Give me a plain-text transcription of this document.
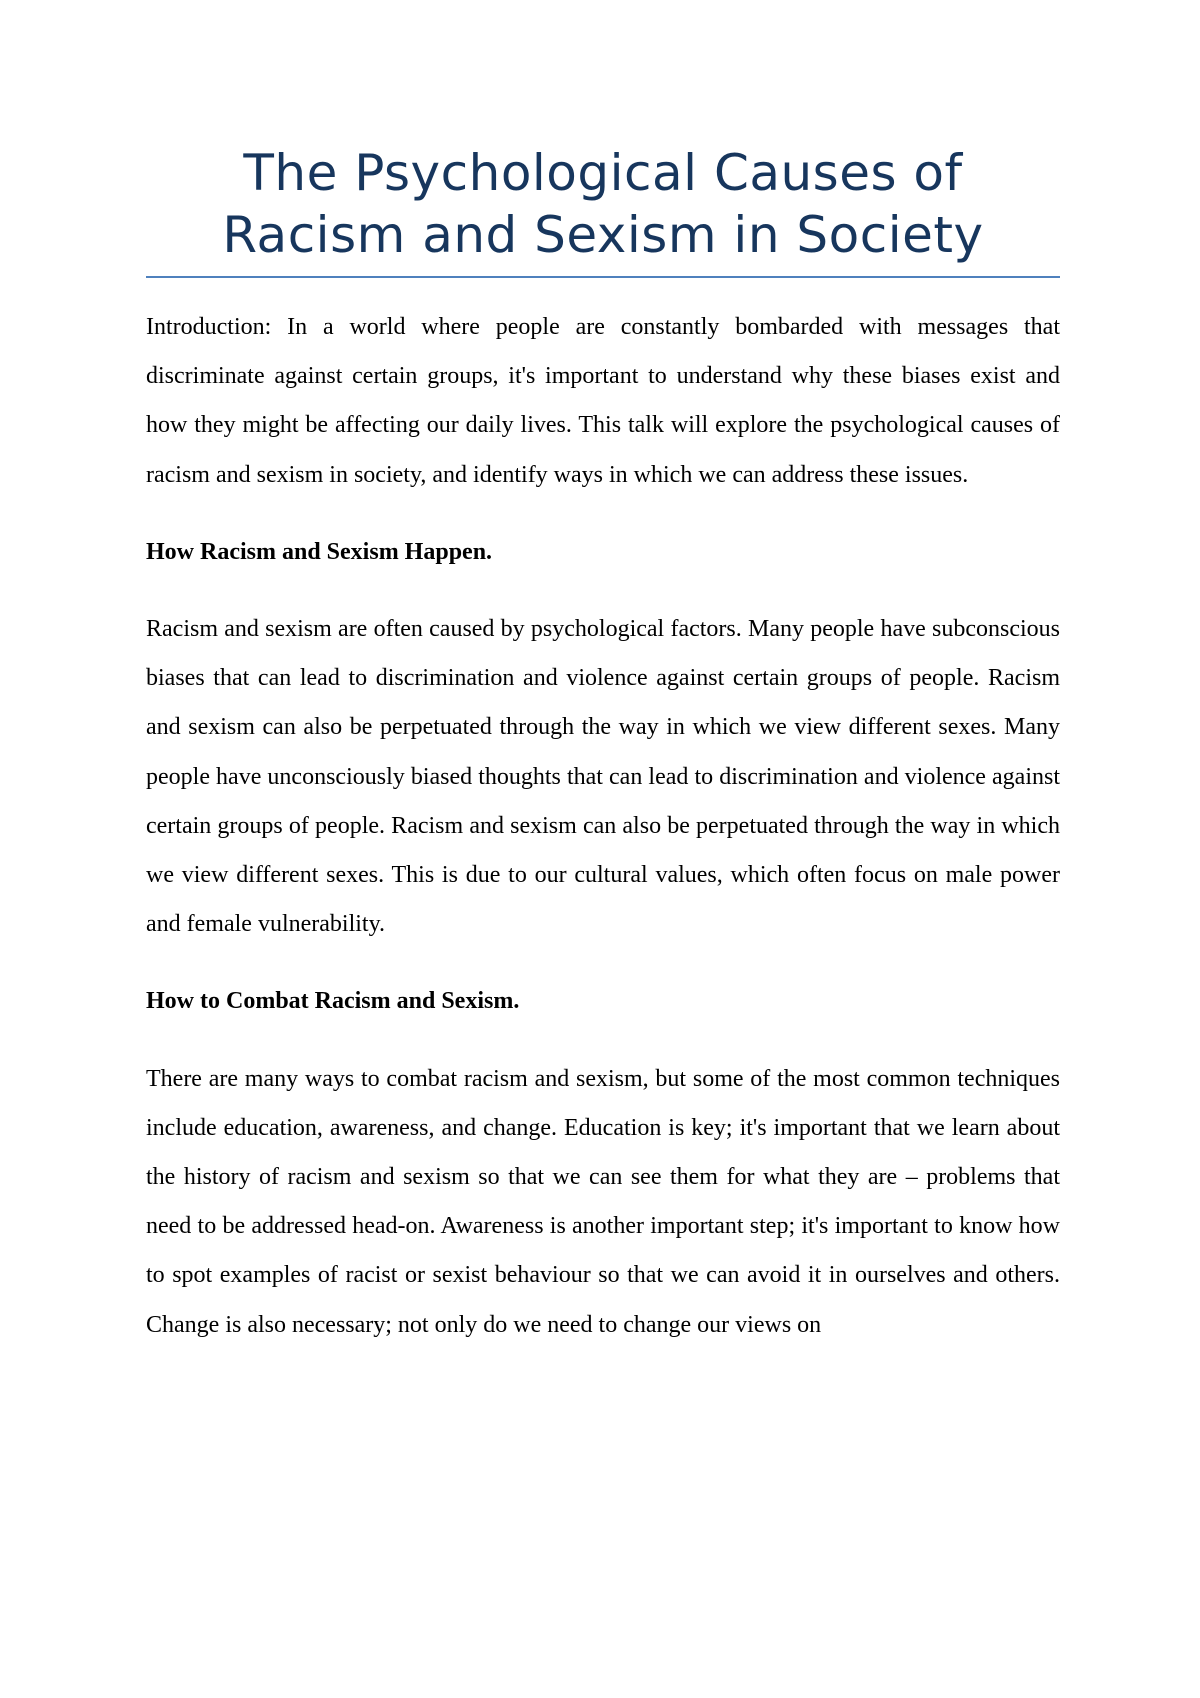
The Psychological Causes of
Racism and Sexism in Society

Introduction: In a world where people are constantly bombarded with messages that discriminate against certain groups, it's important to understand why these biases exist and how they might be affecting our daily lives. This talk will explore the psychological causes of racism and sexism in society, and identify ways in which we can address these issues.

How Racism and Sexism Happen.

Racism and sexism are often caused by psychological factors. Many people have subconscious biases that can lead to discrimination and violence against certain groups of people. Racism and sexism can also be perpetuated through the way in which we view different sexes. Many people have unconsciously biased thoughts that can lead to discrimination and violence against certain groups of people. Racism and sexism can also be perpetuated through the way in which we view different sexes. This is due to our cultural values, which often focus on male power and female vulnerability.

How to Combat Racism and Sexism.

There are many ways to combat racism and sexism, but some of the most common techniques include education, awareness, and change. Education is key; it's important that we learn about the history of racism and sexism so that we can see them for what they are – problems that need to be addressed head-on. Awareness is another important step; it's important to know how to spot examples of racist or sexist behaviour so that we can avoid it in ourselves and others. Change is also necessary; not only do we need to change our views on
